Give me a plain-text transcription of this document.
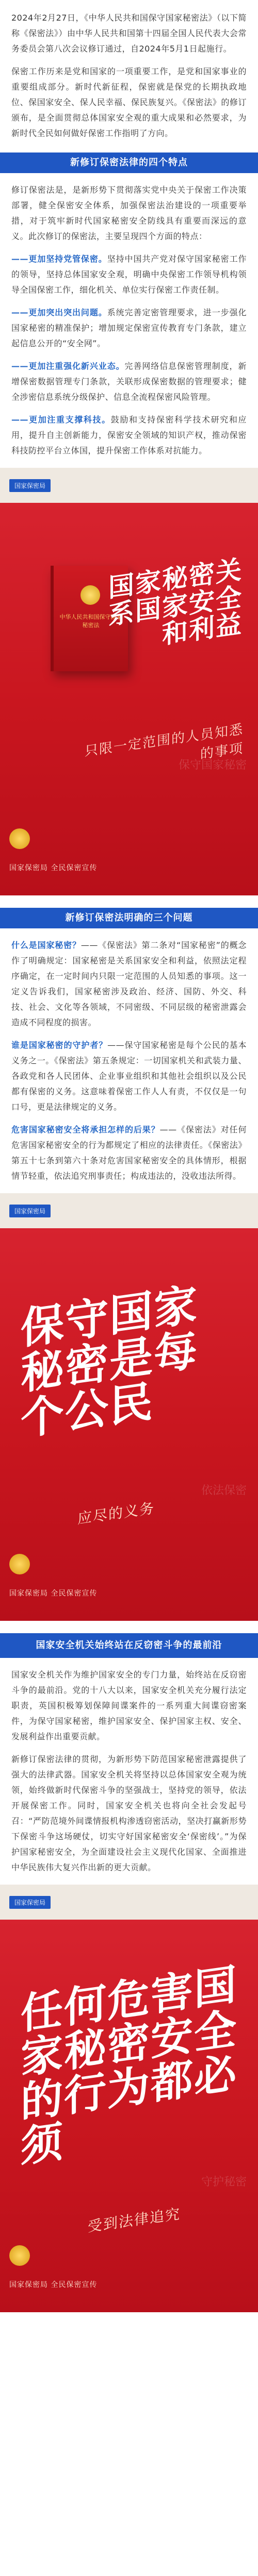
2024年2月27日，《中华人民共和国保守国家秘密法》（以下简称《保密法》）由中华人民共和国第十四届全国人民代表大会常务委员会第八次会议修订通过，自2024年5月1日起施行。

保密工作历来是党和国家的一项重要工作，是党和国家事业的重要组成部分。新时代新征程，保密就是保党的长期执政地位、保国家安全、保人民幸福、保民族复兴。《保密法》的修订颁布，是全面贯彻总体国家安全观的重大成果和必然要求，为新时代全民如何做好保密工作指明了方向。

新修订保密法律的四个特点

修订保密法是，是新形势下贯彻落实党中央关于保密工作决策部署，健全保密安全体系，加强保密法治建设的一项重要举措，对于筑牢新时代国家秘密安全防线具有重要而深远的意义。此次修订的保密法，主要呈现四个方面的特点：

——更加坚持党管保密。坚持中国共产党对保守国家秘密工作的领导，坚持总体国家安全观，明确中央保密工作领导机构领导全国保密工作，细化机关、单位实行保密工作责任制。

——更加突出突出问题。系统完善定密管理要求，进一步强化国家秘密的精准保护；增加规定保密宣传教育专门条款，建立起信息公开的“安全网”。

——更加注重强化新兴业态。完善网络信息保密管理制度，新增保密数据管理专门条款，关联形成保密数据的管理要求；健全涉密信息系统分级保护、信息全流程保密风险管理。

——更加注重支撑科技。鼓励和支持保密科学技术研究和应用，提升自主创新能力，保密安全领域的知识产权，推动保密科技防控平台立体国，提升保密工作体系对抗能力。

国家保密局
中华人民共和国保守国家秘密法
国家秘密关系国家安全和利益
只限一定范围的人员知悉的事项
保守国家秘密
国家保密局 全民保密宣传
新修订保密法明确的三个问题

什么是国家秘密？——《保密法》第二条对“国家秘密”的概念作了明确规定：国家秘密是关系国家安全和利益，依照法定程序确定，在一定时间内只限一定范围的人员知悉的事项。这一定义告诉我们，国家秘密涉及政治、经济、国防、外交、科技、社会、文化等各领域，不同密级、不同层级的秘密泄露会造成不同程度的损害。

谁是国家秘密的守护者？——保守国家秘密是每个公民的基本义务之一。《保密法》第五条规定：一切国家机关和武装力量、各政党和各人民团体、企业事业组织和其他社会组织以及公民都有保密的义务。这意味着保密工作人人有责，不仅仅是一句口号，更是法律规定的义务。

危害国家秘密安全将承担怎样的后果？——《保密法》对任何危害国家秘密安全的行为都规定了相应的法律责任。《保密法》第五十七条到第六十条对危害国家秘密安全的具体情形，根据情节轻重，依法追究刑事责任；构成违法的，没收违法所得。

国家保密局
保守国家秘密是每个公民
应尽的义务
依法保密
国家保密局 全民保密宣传
国家安全机关始终站在反窃密斗争的最前沿

国家安全机关作为维护国家安全的专门力量，始终站在反窃密斗争的最前沿。党的十八大以来，国家安全机关充分履行法定职责，英国积极筹划保障间谍案件的一系列重大间谍窃密案件，为保守国家秘密，维护国家安全、保护国家主权、安全、发展利益作出重要贡献。

新修订保密法律的贯彻，为新形势下防范国家秘密泄露提供了强大的法律武器。国家安全机关将坚持以总体国家安全观为统领，始终做新时代保密斗争的坚强战士，坚持党的领导，依法开展保密工作。同时，国家安全机关也将向全社会发起号召：“严防范境外间谍情报机构渗透窃密活动，坚决打赢新形势下保密斗争这场硬仗，切实守好国家秘密安全‘保密线’。”为保护国家秘密安全，为全面建设社会主义现代化国家、全面推进中华民族伟大复兴作出新的更大贡献。

国家保密局
任何危害国家秘密安全的行为都必须
受到法律追究
守护秘密
国家保密局 全民保密宣传
